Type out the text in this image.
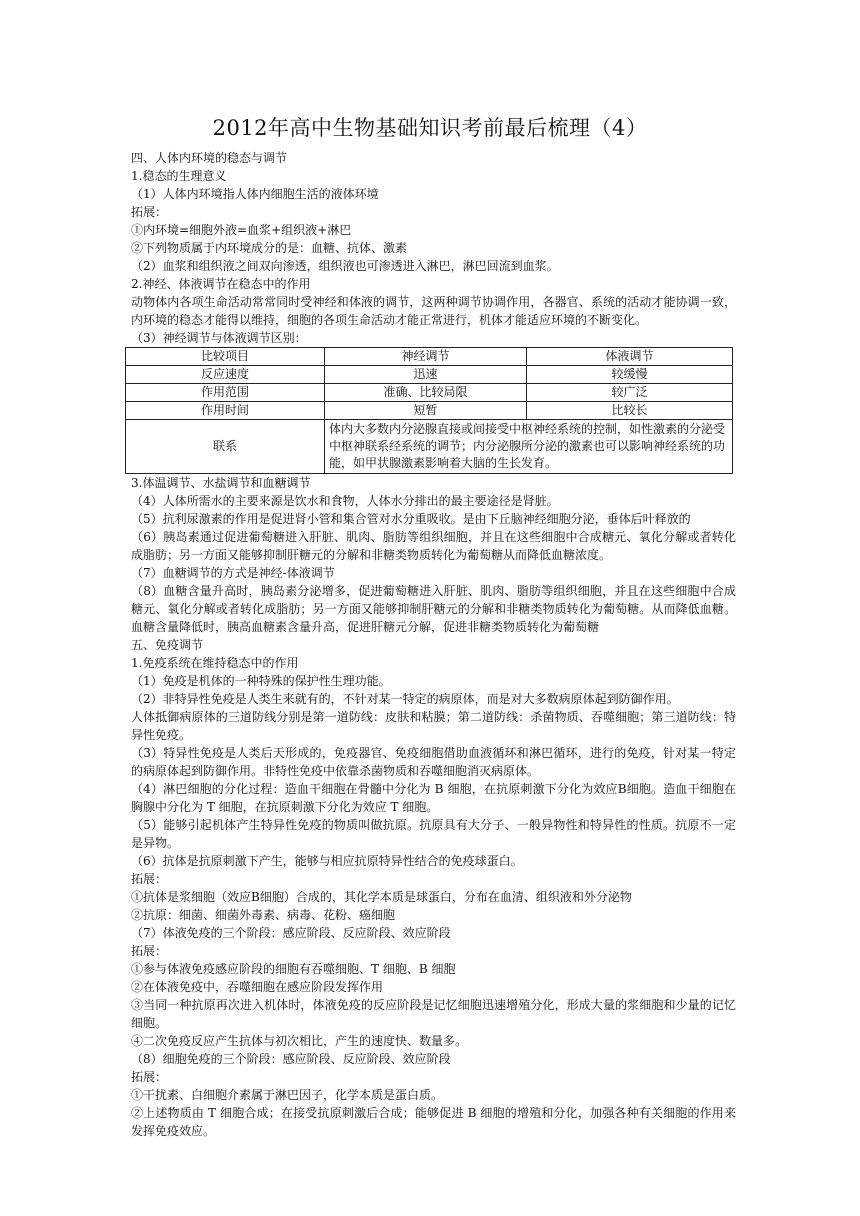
2012年高中生物基础知识考前最后梳理（4）
四、人体内环境的稳态与调节
1.稳态的生理意义
（1）人体内环境指人体内细胞生活的液体环境
拓展：
①内环境=细胞外液=血浆+组织液+淋巴
②下列物质属于内环境成分的是：血糖、抗体、激素
（2）血浆和组织液之间双向渗透，组织液也可渗透进入淋巴，淋巴回流到血浆。
2.神经、体液调节在稳态中的作用
动物体内各项生命活动常常同时受神经和体液的调节，这两种调节协调作用，各器官、系统的活动才能协调一致，内环境的稳态才能得以维持，细胞的各项生命活动才能正常进行，机体才能适应环境的不断变化。
（3）神经调节与体液调节区别：
比较项目	神经调节	体液调节
反应速度	迅速	较缓慢
作用范围	准确、比较局限	较广泛
作用时间	短暂	比较长
联系	体内大多数内分泌腺直接或间接受中枢神经系统的控制，如性激素的分泌受中枢神联系经系统的调节；内分泌腺所分泌的激素也可以影响神经系统的功能，如甲状腺激素影响着大脑的生长发育。	
3.体温调节、水盐调节和血糖调节
（4）人体所需水的主要来源是饮水和食物，人体水分排出的最主要途径是肾脏。
（5）抗利尿激素的作用是促进肾小管和集合管对水分重吸收。是由下丘脑神经细胞分泌，垂体后叶释放的
（6）胰岛素通过促进葡萄糖进入肝脏、肌肉、脂肪等组织细胞，并且在这些细胞中合成糖元、氧化分解或者转化成脂肪；另一方面又能够抑制肝糖元的分解和非糖类物质转化为葡萄糖从而降低血糖浓度。
（7）血糖调节的方式是神经-体液调节
（8）血糖含量升高时，胰岛素分泌增多，促进葡萄糖进入肝脏、肌肉、脂肪等组织细胞，并且在这些细胞中合成糖元、氧化分解或者转化成脂肪；另一方面又能够抑制肝糖元的分解和非糖类物质转化为葡萄糖。从而降低血糖。血糖含量降低时，胰高血糖素含量升高，促进肝糖元分解，促进非糖类物质转化为葡萄糖
五、免疫调节
1.免疫系统在维持稳态中的作用
（1）免疫是机体的一种特殊的保护性生理功能。
（2）非特异性免疫是人类生来就有的，不针对某一特定的病原体，而是对大多数病原体起到防御作用。
人体抵御病原体的三道防线分别是第一道防线：皮肤和粘膜；第二道防线：杀菌物质、吞噬细胞；第三道防线：特异性免疫。
（3）特异性免疫是人类后天形成的，免疫器官、免疫细胞借助血液循环和淋巴循环，进行的免疫，针对某一特定的病原体起到防御作用。非特性免疫中依靠杀菌物质和吞噬细胞消灭病原体。
（4）淋巴细胞的分化过程：造血干细胞在骨髓中分化为 B 细胞，在抗原刺激下分化为效应B细胞。造血干细胞在胸腺中分化为 T 细胞，在抗原刺激下分化为效应 T 细胞。
（5）能够引起机体产生特异性免疫的物质叫做抗原。抗原具有大分子、一般异物性和特异性的性质。抗原不一定是异物。
（6）抗体是抗原刺激下产生，能够与相应抗原特异性结合的免疫球蛋白。
拓展：
①抗体是浆细胞（效应B细胞）合成的，其化学本质是球蛋白，分布在血清、组织液和外分泌物
②抗原：细菌、细菌外毒素、病毒、花粉、癌细胞
（7）体液免疫的三个阶段：感应阶段、反应阶段、效应阶段
拓展：
①参与体液免疫感应阶段的细胞有吞噬细胞、T 细胞、B 细胞
②在体液免疫中，吞噬细胞在感应阶段发挥作用
③当同一种抗原再次进入机体时，体液免疫的反应阶段是记忆细胞迅速增殖分化，形成大量的浆细胞和少量的记忆细胞。
④二次免疫反应产生抗体与初次相比，产生的速度快、数量多。
（8）细胞免疫的三个阶段：感应阶段、反应阶段、效应阶段
拓展：
①干扰素、白细胞介素属于淋巴因子，化学本质是蛋白质。
②上述物质由 T 细胞合成；在接受抗原刺激后合成；能够促进 B 细胞的增殖和分化，加强各种有关细胞的作用来发挥免疫效应。
